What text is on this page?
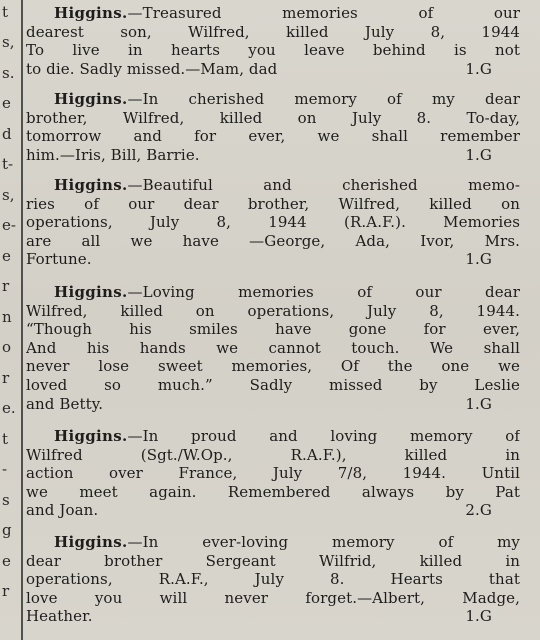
t
s,
s.
e
d
t-
s,
e-
e
r
n
o
r
e.
t
-
s
g
e
r
Higgins.—Treasured memories of our
dearest son, Wilfred, killed July 8, 1944
To live in hearts you leave behind is not
to die. Sadly missed.—Mam, dad	1.G
Higgins.—In cherished memory of my dear
brother, Wilfred, killed on July 8. To-day,
tomorrow and for ever, we shall remember
him.—Iris, Bill, Barrie.	1.G
Higgins.—Beautiful and cherished memo-
ries of our dear brother, Wilfred, killed on
operations, July 8, 1944 (R.A.F.). Memories
are all we have —George, Ada, Ivor, Mrs.
Fortune.	1.G
Higgins.—Loving memories of our dear
Wilfred, killed on operations, July 8, 1944.
“Though his smiles have gone for ever,
And his hands we cannot touch. We shall
never lose sweet memories, Of the one we
loved so much.” Sadly missed by Leslie
and Betty.	1.G
Higgins.—In proud and loving memory of
Wilfred (Sgt./W.Op., R.A.F.), killed in
action over France, July 7/8, 1944. Until
we meet again. Remembered always by Pat
and Joan.	2.G
Higgins.—In ever-loving memory of my
dear brother Sergeant Wilfrid, killed in
operations, R.A.F., July 8. Hearts that
love you will never forget.—Albert, Madge,
Heather.	1.G
